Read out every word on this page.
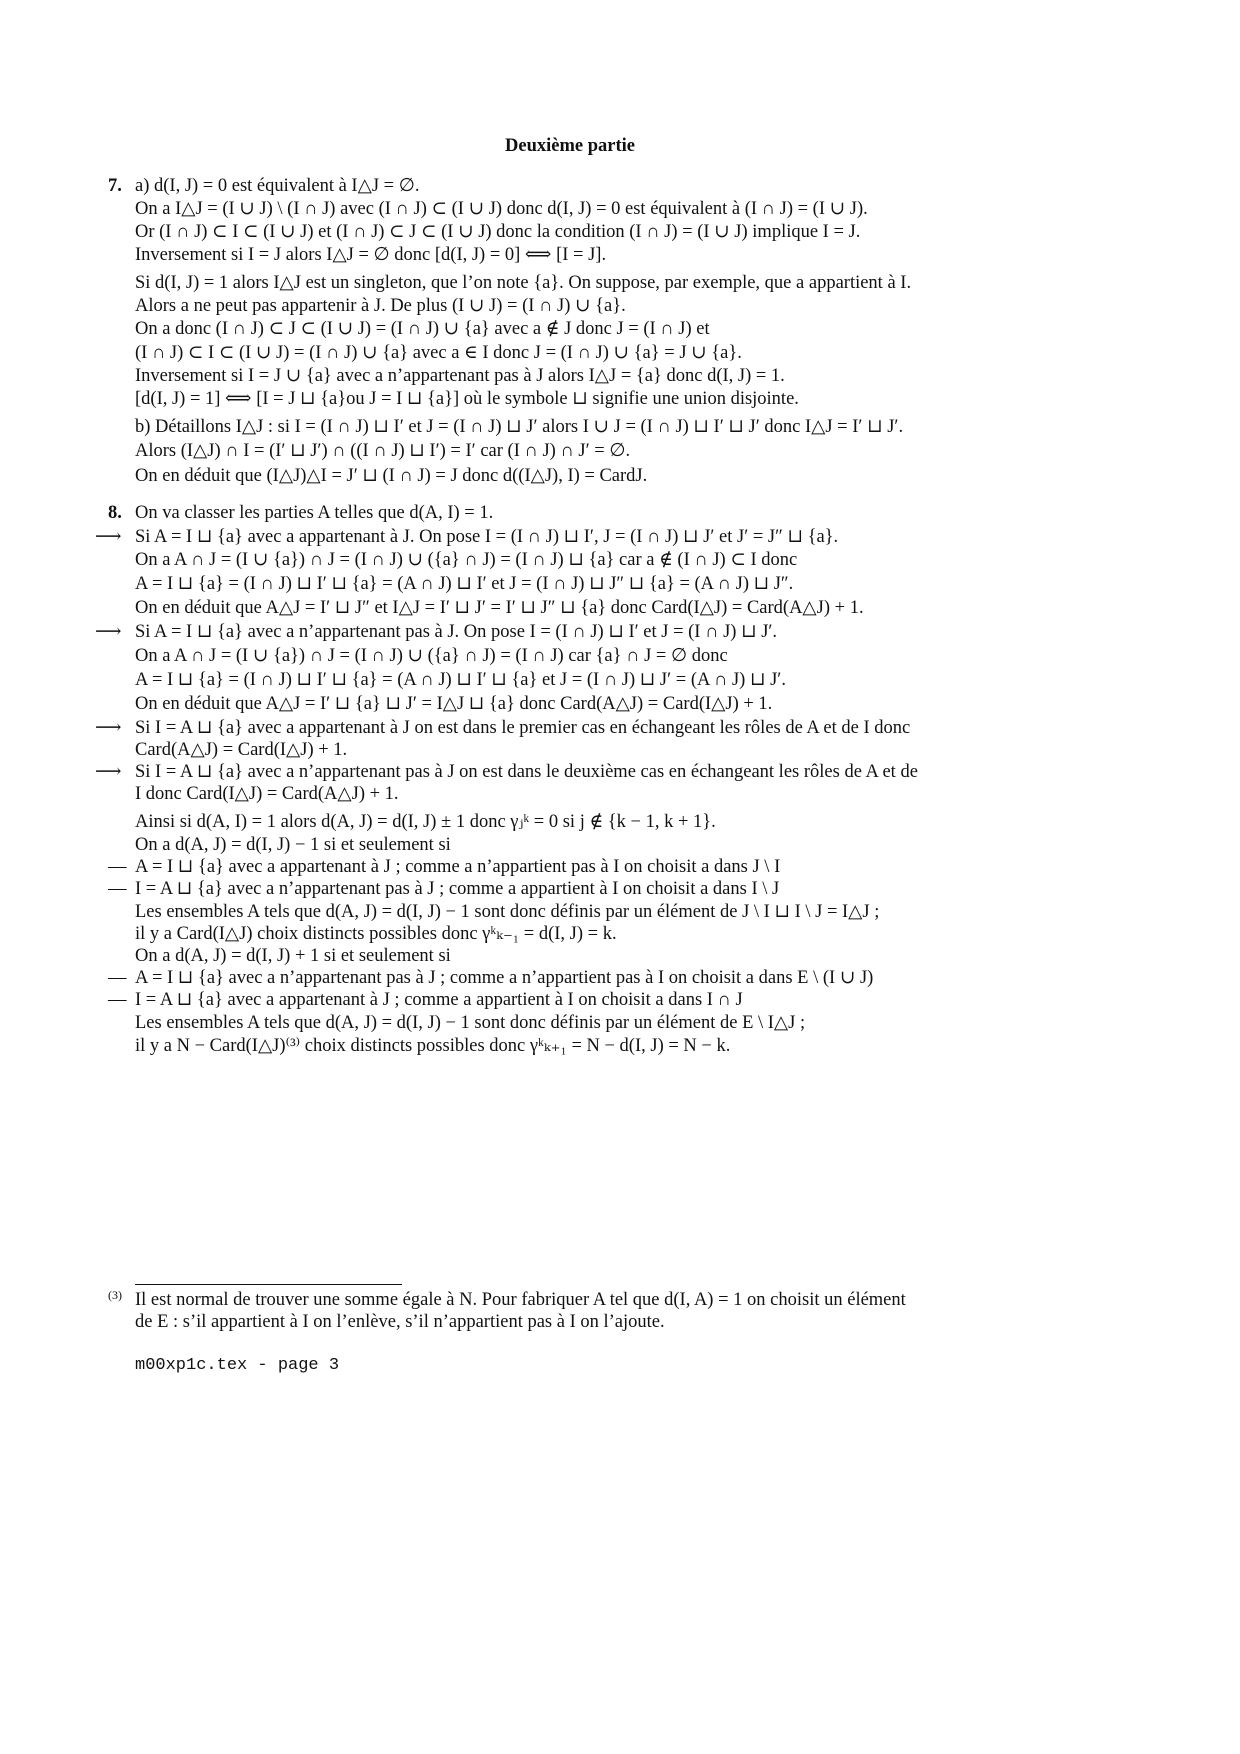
Deuxième partie
7.
8.
a) d(I, J) = 0 est équivalent à I△J = ∅.
On a I△J = (I ∪ J) \ (I ∩ J) avec (I ∩ J) ⊂ (I ∪ J) donc d(I, J) = 0 est équivalent à (I ∩ J) = (I ∪ J).
Or (I ∩ J) ⊂ I ⊂ (I ∪ J) et (I ∩ J) ⊂ J ⊂ (I ∪ J) donc la condition (I ∩ J) = (I ∪ J) implique I = J.
Inversement si I = J alors I△J = ∅ donc [d(I, J) = 0] ⟺ [I = J].
Si d(I, J) = 1 alors I△J est un singleton, que l’on note {a}. On suppose, par exemple, que a appartient à I.
Alors a ne peut pas appartenir à J. De plus (I ∪ J) = (I ∩ J) ∪ {a}.
On a donc (I ∩ J) ⊂ J ⊂ (I ∪ J) = (I ∩ J) ∪ {a} avec a ∉ J donc J = (I ∩ J) et
(I ∩ J) ⊂ I ⊂ (I ∪ J) = (I ∩ J) ∪ {a} avec a ∈ I donc J = (I ∩ J) ∪ {a} = J ∪ {a}.
Inversement si I = J ∪ {a} avec a n’appartenant pas à J alors I△J = {a} donc d(I, J) = 1.
[d(I, J) = 1] ⟺ [I = J ⊔ {a}ou J = I ⊔ {a}] où le symbole ⊔ signifie une union disjointe.
b) Détaillons I△J : si I = (I ∩ J) ⊔ I′ et J = (I ∩ J) ⊔ J′ alors I ∪ J = (I ∩ J) ⊔ I′ ⊔ J′ donc I△J = I′ ⊔ J′.
Alors (I△J) ∩ I = (I′ ⊔ J′) ∩ ((I ∩ J) ⊔ I′) = I′ car (I ∩ J) ∩ J′ = ∅.
On en déduit que (I△J)△I = J′ ⊔ (I ∩ J) = J donc d((I△J), I) = CardJ.
On va classer les parties A telles que d(A, I) = 1.
Si A = I ⊔ {a} avec a appartenant à J. On pose I = (I ∩ J) ⊔ I′, J = (I ∩ J) ⊔ J′ et J′ = J″ ⊔ {a}.
⟶
On a A ∩ J = (I ∪ {a}) ∩ J = (I ∩ J) ∪ ({a} ∩ J) = (I ∩ J) ⊔ {a} car a ∉ (I ∩ J) ⊂ I donc
A = I ⊔ {a} = (I ∩ J) ⊔ I′ ⊔ {a} = (A ∩ J) ⊔ I′ et J = (I ∩ J) ⊔ J″ ⊔ {a} = (A ∩ J) ⊔ J″.
On en déduit que A△J = I′ ⊔ J″ et I△J = I′ ⊔ J′ = I′ ⊔ J″ ⊔ {a} donc Card(I△J) = Card(A△J) + 1.
Si A = I ⊔ {a} avec a n’appartenant pas à J. On pose I = (I ∩ J) ⊔ I′ et J = (I ∩ J) ⊔ J′.
⟶
On a A ∩ J = (I ∪ {a}) ∩ J = (I ∩ J) ∪ ({a} ∩ J) = (I ∩ J) car {a} ∩ J = ∅ donc
A = I ⊔ {a} = (I ∩ J) ⊔ I′ ⊔ {a} = (A ∩ J) ⊔ I′ ⊔ {a} et J = (I ∩ J) ⊔ J′ = (A ∩ J) ⊔ J′.
On en déduit que A△J = I′ ⊔ {a} ⊔ J′ = I△J ⊔ {a} donc Card(A△J) = Card(I△J) + 1.
Si I = A ⊔ {a} avec a appartenant à J on est dans le premier cas en échangeant les rôles de A et de I donc
⟶
Card(A△J) = Card(I△J) + 1.
Si I = A ⊔ {a} avec a n’appartenant pas à J on est dans le deuxième cas en échangeant les rôles de A et de
⟶
I donc Card(I△J) = Card(A△J) + 1.
Ainsi si d(A, I) = 1 alors d(A, J) = d(I, J) ± 1 donc γⱼᵏ = 0 si j ∉ {k − 1, k + 1}.
On a d(A, J) = d(I, J) − 1 si et seulement si
A = I ⊔ {a} avec a appartenant à J ; comme a n’appartient pas à I on choisit a dans J \ I
—
I = A ⊔ {a} avec a n’appartenant pas à J ; comme a appartient à I on choisit a dans I \ J
—
Les ensembles A tels que d(A, J) = d(I, J) − 1 sont donc définis par un élément de J \ I ⊔ I \ J = I△J ;
il y a Card(I△J) choix distincts possibles donc γᵏₖ₋₁ = d(I, J) = k.
On a d(A, J) = d(I, J) + 1 si et seulement si
A = I ⊔ {a} avec a n’appartenant pas à J ; comme a n’appartient pas à I on choisit a dans E \ (I ∪ J)
—
I = A ⊔ {a} avec a appartenant à J ; comme a appartient à I on choisit a dans I ∩ J
—
Les ensembles A tels que d(A, J) = d(I, J) − 1 sont donc définis par un élément de E \ I△J ;
il y a N − Card(I△J)⁽³⁾ choix distincts possibles donc γᵏₖ₊₁ = N − d(I, J) = N − k.
(3) Il est normal de trouver une somme égale à N. Pour fabriquer A tel que d(I, A) = 1 on choisit un élément
de E : s’il appartient à I on l’enlève, s’il n’appartient pas à I on l’ajoute.
m00xp1c.tex - page 3
